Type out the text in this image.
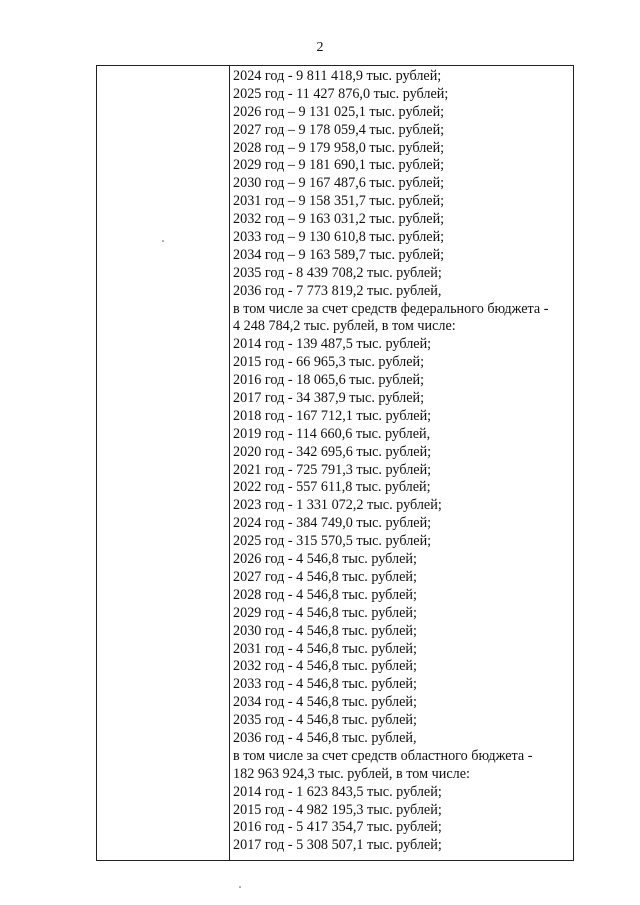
2
2024 год - 9 811 418,9 тыс. рублей;
2025 год - 11 427 876,0 тыс. рублей;
2026 год – 9 131 025,1 тыс. рублей;
2027 год – 9 178 059,4 тыс. рублей;
2028 год – 9 179 958,0 тыс. рублей;
2029 год – 9 181 690,1 тыс. рублей;
2030 год – 9 167 487,6 тыс. рублей;
2031 год – 9 158 351,7 тыс. рублей;
2032 год – 9 163 031,2 тыс. рублей;
2033 год – 9 130 610,8 тыс. рублей;
2034 год – 9 163 589,7 тыс. рублей;
2035 год - 8 439 708,2 тыс. рублей;
2036 год - 7 773 819,2 тыс. рублей,
в том числе за счет средств федерального бюджета -
4 248 784,2 тыс. рублей, в том числе:
2014 год - 139 487,5 тыс. рублей;
2015 год - 66 965,3 тыс. рублей;
2016 год - 18 065,6 тыс. рублей;
2017 год - 34 387,9 тыс. рублей;
2018 год - 167 712,1 тыс. рублей;
2019 год - 114 660,6 тыс. рублей,
2020 год - 342 695,6 тыс. рублей;
2021 год - 725 791,3 тыс. рублей;
2022 год - 557 611,8 тыс. рублей;
2023 год - 1 331 072,2 тыс. рублей;
2024 год - 384 749,0 тыс. рублей;
2025 год - 315 570,5 тыс. рублей;
2026 год - 4 546,8 тыс. рублей;
2027 год - 4 546,8 тыс. рублей;
2028 год - 4 546,8 тыс. рублей;
2029 год - 4 546,8 тыс. рублей;
2030 год - 4 546,8 тыс. рублей;
2031 год - 4 546,8 тыс. рублей;
2032 год - 4 546,8 тыс. рублей;
2033 год - 4 546,8 тыс. рублей;
2034 год - 4 546,8 тыс. рублей;
2035 год - 4 546,8 тыс. рублей;
2036 год - 4 546,8 тыс. рублей,
в том числе за счет средств областного бюджета -
182 963 924,3 тыс. рублей, в том числе:
2014 год - 1 623 843,5 тыс. рублей;
2015 год - 4 982 195,3 тыс. рублей;
2016 год - 5 417 354,7 тыс. рублей;
2017 год - 5 308 507,1 тыс. рублей;
